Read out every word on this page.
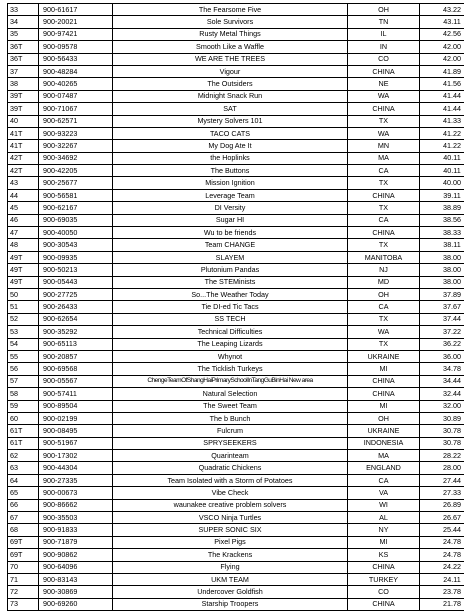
33	900-61617	The Fearsome Five	OH	43.22
34	900-20021	Sole Survivors	TN	43.11
35	900-97421	Rusty Metal Things	IL	42.56
36T	900-09578	Smooth Like a Waffle	IN	42.00
36T	900-56433	WE ARE THE TREES	CO	42.00
37	900-48284	Vigour	CHINA	41.89
38	900-40265	The Outsiders	NE	41.56
39T	900-07487	Midnight Snack Run	WA	41.44
39T	900-71067	SAT	CHINA	41.44
40	900-62571	Mystery Solvers 101	TX	41.33
41T	900-93223	TACO CATS	WA	41.22
41T	900-32267	My Dog Ate It	MN	41.22
42T	900-34692	the Hoplinks	MA	40.11
42T	900-42205	The Buttons	CA	40.11
43	900-25677	Mission Ignition	TX	40.00
44	900-56581	Leverage Team	CHINA	39.11
45	900-62167	DI Versity	TX	38.89
46	900-69035	Sugar HI	CA	38.56
47	900-40050	Wu to be friends	CHINA	38.33
48	900-30543	Team CHANGE	TX	38.11
49T	900-09935	SLAYEM	MANITOBA	38.00
49T	900-50213	Plutonium Pandas	NJ	38.00
49T	900-05443	The STEMinists	MD	38.00
50	900-27725	So...The Weather Today	OH	37.89
51	900-26433	Tie DI-ed Tic Tacs	CA	37.67
52	900-62654	SS TECH	TX	37.44
53	900-35292	Technical Difficulties	WA	37.22
54	900-65113	The Leaping Lizards	TX	36.22
55	900-20857	Whynot	UKRAINE	36.00
56	900-69568	The Ticklish Turkeys	MI	34.78
57	900-05567	ChengeTeamOfShangHaiPrimarySchoolInTangGuBinHai New area	CHINA	34.44
58	900-57411	Natural Selection	CHINA	32.44
59	900-89504	The Sweet Team	MI	32.00
60	900-02199	The b Bunch	OH	30.89
61T	900-08495	Fulcrum	UKRAINE	30.78
61T	900-51967	SPRYSEEKERS	INDONESIA	30.78
62	900-17302	Quarinteam	MA	28.22
63	900-44304	Quadratic Chickens	ENGLAND	28.00
64	900-27335	Team Isolated with a Storm of Potatoes	CA	27.44
65	900-00673	Vibe Check	VA	27.33
66	900-86662	waunakee creative problem solvers	WI	26.89
67	900-35503	VSCO Ninja Turtles	AL	26.67
68	900-91833	SUPER SONIC SIX	NY	25.44
69T	900-71879	Pixel Pigs	MI	24.78
69T	900-90862	The Krackens	KS	24.78
70	900-64096	Flying	CHINA	24.22
71	900-83143	UKM TEAM	TURKEY	24.11
72	900-30869	Undercover Goldfish	CO	23.78
73	900-69260	Starship Troopers	CHINA	21.78
